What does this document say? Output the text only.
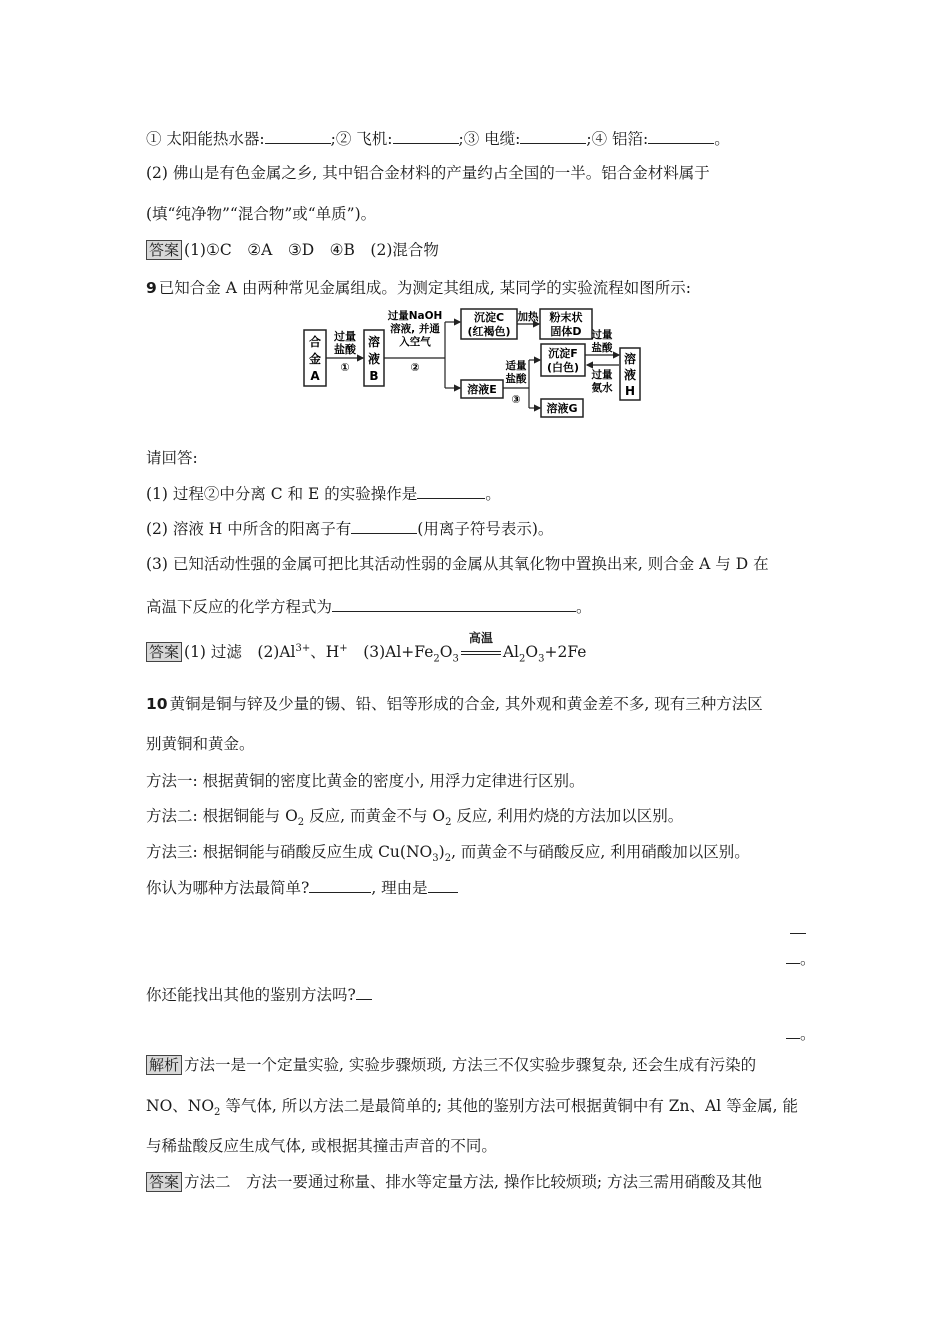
① 太阳能热水器:	;② 飞机:	;③ 电缆:	;④ 铝箔:	。
(2) 佛山是有色金属之乡, 其中铝合金材料的产量约占全国的一半。铝合金材料属于
(填“纯净物”“混合物”或“单质”)。
答案 (1)①C　②A　③D　④B　(2)混合物
9 已知合金 A 由两种常见金属组成。为测定其组成, 某同学的实验流程如图所示:
合
金
A
过量
盐酸
①
溶
液
B
过量NaOH
溶液, 并通
入空气
②
沉淀C
(红褐色)
加热 粉末状
固体D
溶液E
适量
盐酸
③
沉淀F
(白色)
过量
盐酸
过量
氨水
溶液G
溶
液
H
请回答:
(1) 过程②中分离 C 和 E 的实验操作是	。
(2) 溶液 H 中所含的阳离子有	(用离子符号表示)。
(3) 已知活动性强的金属可把比其活动性弱的金属从其氧化物中置换出来, 则合金 A 与 D 在
高温下反应的化学方程式为	。
答案 (1) 过滤　$(2)Al^{3+}$、H+　$(3)Al+Fe_2O_3$
高温
$Al_2O_3+2Fe$
10 黄铜是铜与锌及少量的锡、铅、铝等形成的合金, 其外观和黄金差不多, 现有三种方法区
别黄铜和黄金。
方法一: 根据黄铜的密度比黄金的密度小, 用浮力定律进行区别。
方法二: 根据铜能与 $O_2$ 反应, 而黄金不与 $O_2$ 反应, 利用灼烧的方法加以区别。
方法三: 根据铜能与硝酸反应生成 $Cu(NO_3)_2$, 而黄金不与硝酸反应, 利用硝酸加以区别。
你认为哪种方法最简单?	, 理由是
。
你还能找出其他的鉴别方法吗?
。
解析 方法一是一个定量实验, 实验步骤烦琐, 方法三不仅实验步骤复杂, 还会生成有污染的
NO、$NO_2$ 等气体, 所以方法二是最简单的; 其他的鉴别方法可根据黄铜中有 Zn、Al 等金属, 能
与稀盐酸反应生成气体, 或根据其撞击声音的不同。
答案 方法二　方法一要通过称量、排水等定量方法, 操作比较烦琐; 方法三需用硝酸及其他
